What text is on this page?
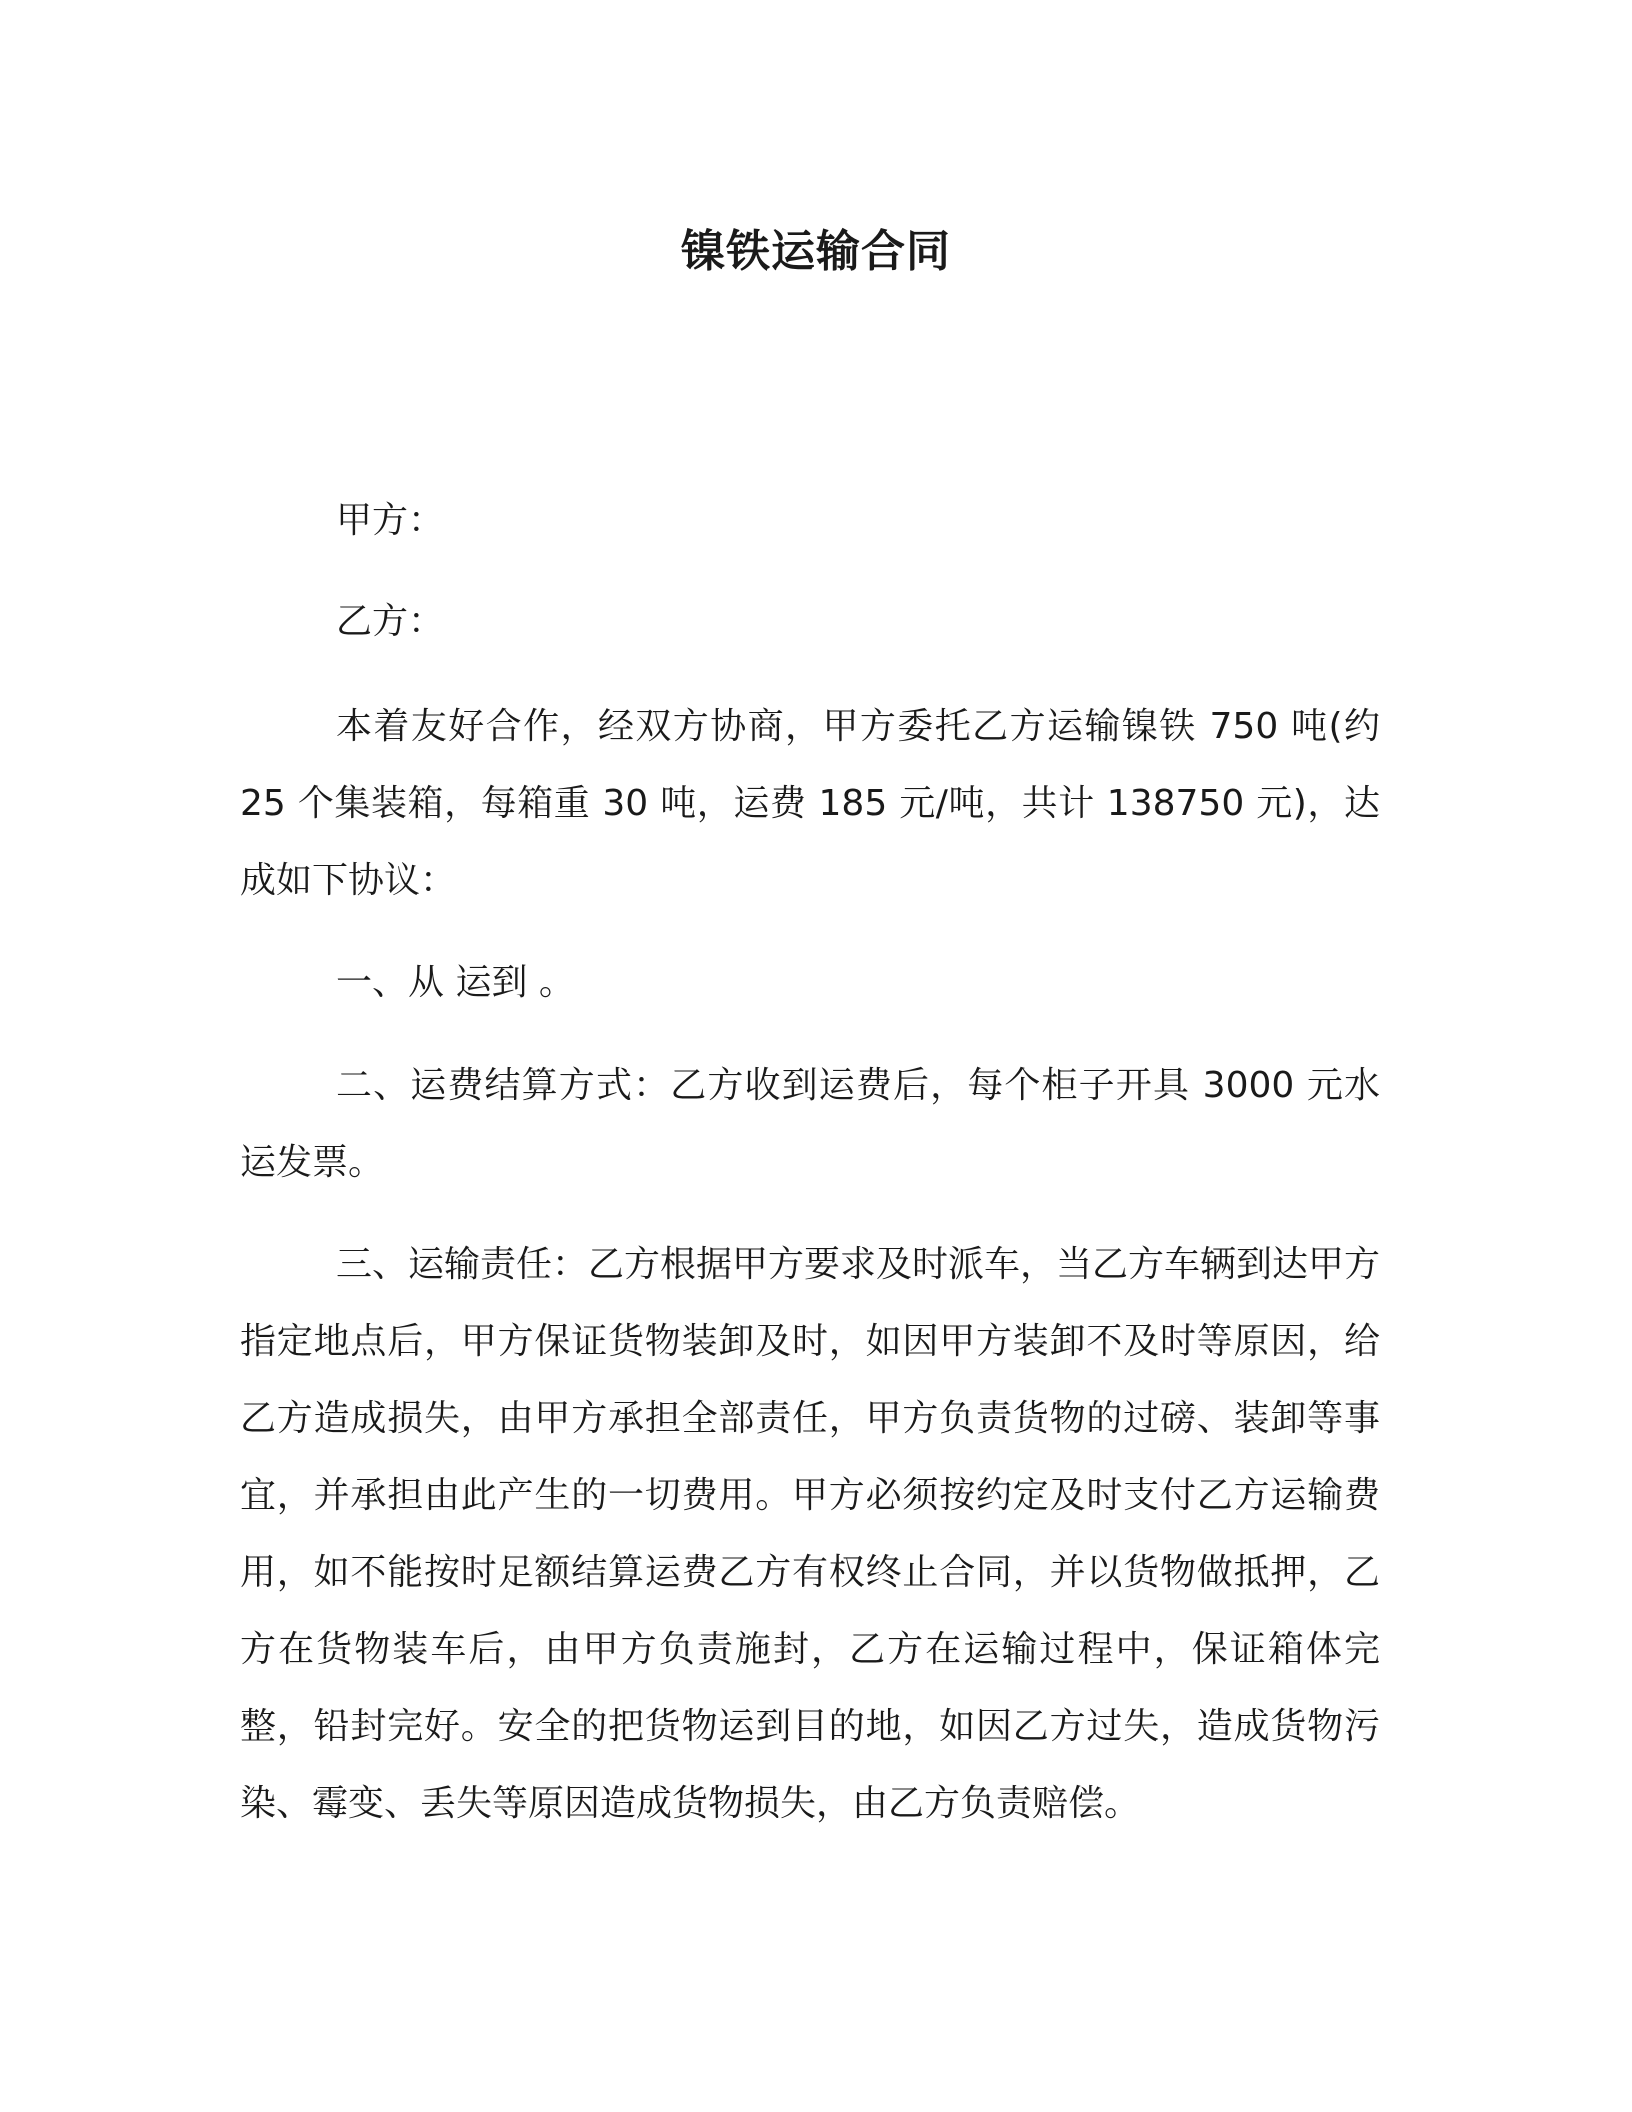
镍铁运输合同

甲方：

乙方：

本着友好合作，经双方协商，甲方委托乙方运输镍铁 750 吨(约 25 个集装箱，每箱重 30 吨，运费 185 元/吨，共计 138750 元)，达成如下协议：

一、从 运到 。

二、运费结算方式：乙方收到运费后，每个柜子开具 3000 元水运发票。

三、运输责任：乙方根据甲方要求及时派车，当乙方车辆到达甲方指定地点后，甲方保证货物装卸及时，如因甲方装卸不及时等原因，给乙方造成损失，由甲方承担全部责任，甲方负责货物的过磅、装卸等事宜，并承担由此产生的一切费用。甲方必须按约定及时支付乙方运输费用，如不能按时足额结算运费乙方有权终止合同，并以货物做抵押，乙方在货物装车后，由甲方负责施封，乙方在运输过程中，保证箱体完整，铅封完好。安全的把货物运到目的地，如因乙方过失，造成货物污染、霉变、丢失等原因造成货物损失，由乙方负责赔偿。
